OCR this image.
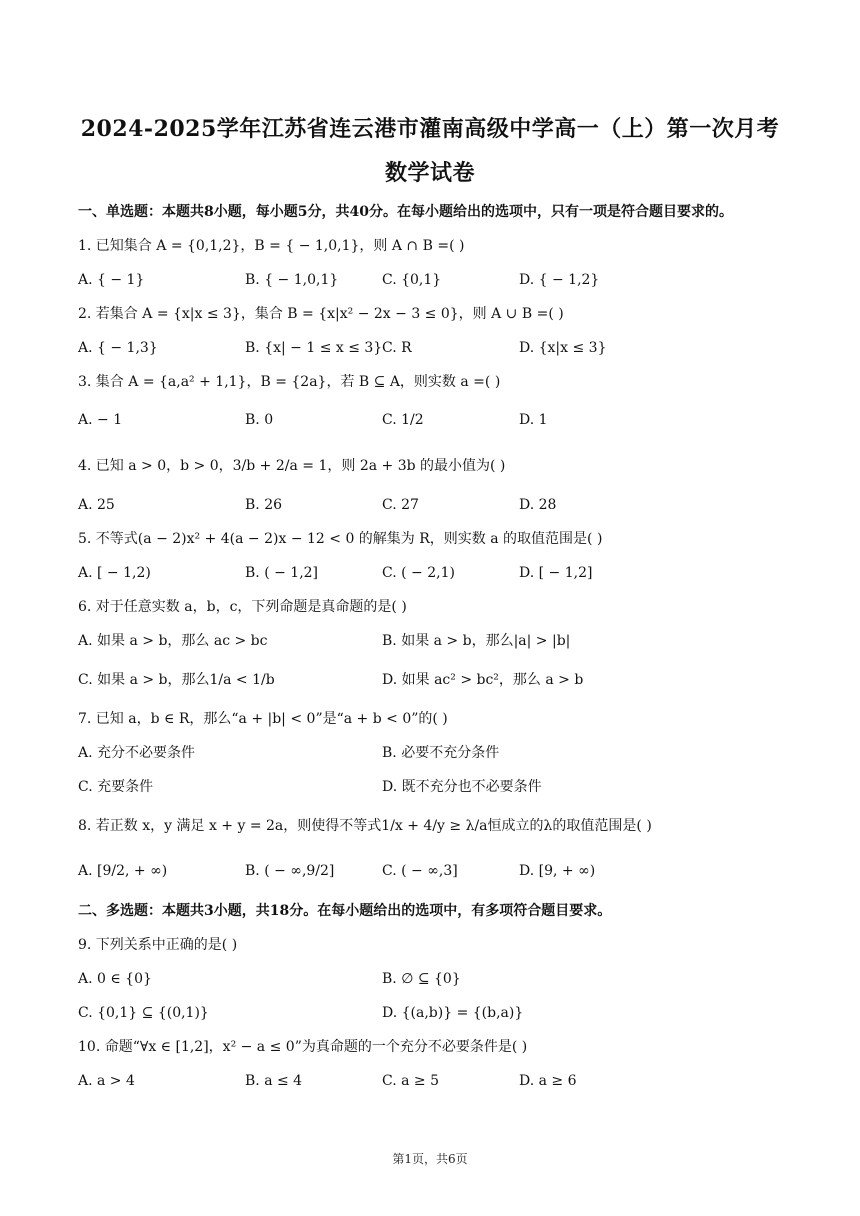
2024-2025学年江苏省连云港市灌南高级中学高一（上）第一次月考
数学试卷
一、单选题：本题共8小题，每小题5分，共40分。在每小题给出的选项中，只有一项是符合题目要求的。
1. 已知集合 A = {0,1,2}，B = { − 1,0,1}，则 A ∩ B =( )
A. { − 1}	B. { − 1,0,1}	C. {0,1}	D. { − 1,2}
2. 若集合 A = {x|x ≤ 3}，集合 B = {x|x² − 2x − 3 ≤ 0}，则 A ∪ B =( )
A. { − 1,3}	B. {x| − 1 ≤ x ≤ 3} C. R	D. {x|x ≤ 3}
3. 集合 A = {a,a² + 1,1}，B = {2a}，若 B ⊆ A，则实数 a =( )
A. − 1	B. 0	C. 1/2	D. 1
4. 已知 a > 0，b > 0，3/b + 2/a = 1，则 2a + 3b 的最小值为( )
A. 25	B. 26	C. 27	D. 28
5. 不等式(a − 2)x² + 4(a − 2)x − 12 < 0 的解集为 R，则实数 a 的取值范围是( )
A. [ − 1,2)	B. ( − 1,2]	C. ( − 2,1)	D. [ − 1,2]
6. 对于任意实数 a，b，c，下列命题是真命题的是( )
A. 如果 a > b，那么 ac > bc	B. 如果 a > b，那么|a| > |b|
C. 如果 a > b，那么1/a < 1/b	D. 如果 ac² > bc²，那么 a > b
7. 已知 a，b ∈ R，那么“a + |b| < 0”是“a + b < 0”的( )
A. 充分不必要条件	B. 必要不充分条件
C. 充要条件	D. 既不充分也不必要条件
8. 若正数 x，y 满足 x + y = 2a，则使得不等式1/x + 4/y ≥ λ/a恒成立的λ的取值范围是( )
A. [9/2, + ∞)	B. ( − ∞,9/2]	C. ( − ∞,3]	D. [9, + ∞)
二、多选题：本题共3小题，共18分。在每小题给出的选项中，有多项符合题目要求。
9. 下列关系中正确的是( )
A. 0 ∈ {0}	B. ∅ ⊆ {0}
C. {0,1} ⊆ {(0,1)}	D. {(a,b)} = {(b,a)}
10. 命题“∀x ∈ [1,2]，x² − a ≤ 0”为真命题的一个充分不必要条件是( )
A. a > 4	B. a ≤ 4	C. a ≥ 5	D. a ≥ 6
第1页，共6页
